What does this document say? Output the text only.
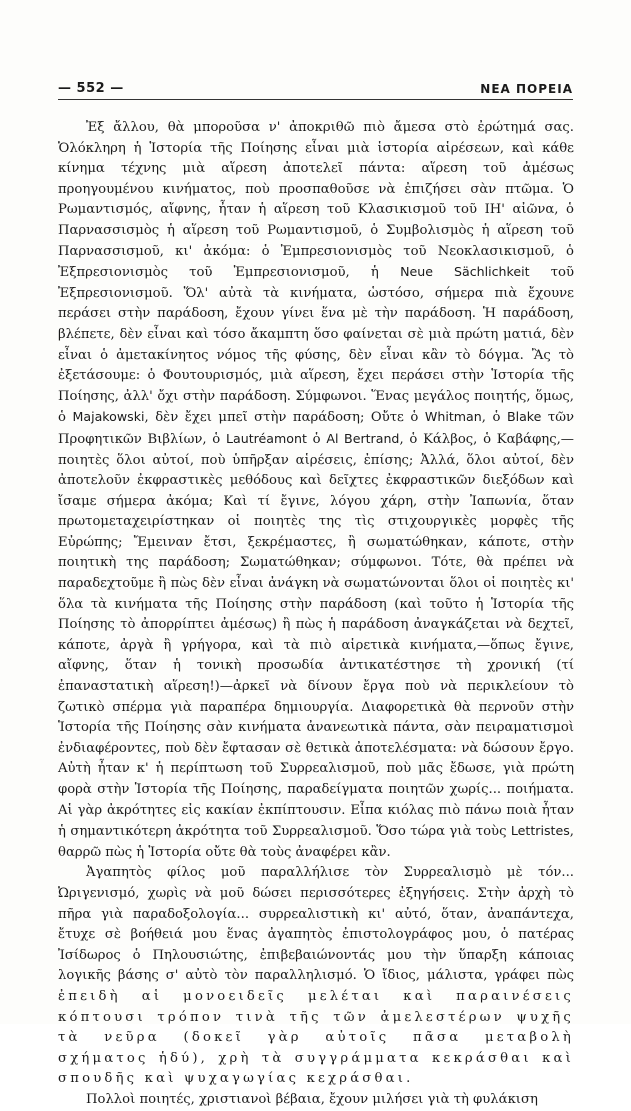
— 552 —	ΝΕΑ ΠΟΡΕΙΑ

Ἐξ ἄλλου, θὰ μποροῦσα ν' ἀποκριθῶ πιὸ ἄμεσα στὸ ἐρώτημά σας. Ὁλόκληρη ἡ Ἱστορία τῆς Ποίησης εἶναι μιὰ ἱστορία αἱρέσεων, καὶ κάθε κίνημα τέχνης μιὰ αἵρεση ἀποτελεῖ πάντα: αἵρεση τοῦ ἀμέσως προηγουμένου κινήματος, ποὺ προσπαθοῦσε νὰ ἐπιζήσει σὰν πτῶμα. Ὁ Ρωμαντισμός, αἴφνης, ἦταν ἡ αἵρεση τοῦ Κλασικισμοῦ τοῦ ΙΗ' αἰῶνα, ὁ Παρνασσισμὸς ἡ αἵρεση τοῦ Ρωμαντισμοῦ, ὁ Συμβολισμὸς ἡ αἵρεση τοῦ Παρνασσισμοῦ, κι' ἀκόμα: ὁ Ἐμπρεσιονισμὸς τοῦ Νεοκλασικισμοῦ, ὁ Ἐξπρεσιονισμὸς τοῦ Ἐμπρεσιονισμοῦ, ἡ Neue Sächlichkeit τοῦ Ἐξπρεσιονισμοῦ. Ὅλ' αὐτὰ τὰ κινήματα, ὡστόσο, σήμερα πιὰ ἔχουνε περάσει στὴν παράδοση, ἔχουν γίνει ἕνα μὲ τὴν παράδοση. Ἡ παράδοση, βλέπετε, δὲν εἶναι καὶ τόσο ἄκαμπτη ὅσο φαίνεται σὲ μιὰ πρώτη ματιά, δὲν εἶναι ὁ ἀμετακίνητος νόμος τῆς φύσης, δὲν εἶναι κἂν τὸ δόγμα. Ἂς τὸ ἐξετάσουμε: ὁ Φουτουρισμός, μιὰ αἵρεση, ἔχει περάσει στὴν Ἱστορία τῆς Ποίησης, ἀλλ' ὄχι στὴν παράδοση. Σύμφωνοι. Ἕνας μεγάλος ποιητής, ὅμως, ὁ Majakowski, δὲν ἔχει μπεῖ στὴν παράδοση; Οὔτε ὁ Whitman, ὁ Blake τῶν Προφητικῶν Βιβλίων, ὁ Lautréamont ὁ Al Bertrand, ὁ Κάλβος, ὁ Καβάφης,—ποιητὲς ὅλοι αὐτοί, ποὺ ὑπῆρξαν αἱρέσεις, ἐπίσης; Ἀλλά, ὅλοι αὐτοί, δὲν ἀποτελοῦν ἐκφραστικὲς μεθόδους καὶ δεῖχτες ἐκφραστικῶν διεξόδων καὶ ἴσαμε σήμερα ἀκόμα; Καὶ τί ἔγινε, λόγου χάρη, στὴν Ἰαπωνία, ὅταν πρωτομεταχειρίστηκαν οἱ ποιητὲς της τὶς στιχουργικὲς μορφὲς τῆς Εὐρώπης; Ἔμειναν ἔτσι, ξεκρέμαστες, ἢ σωματώθηκαν, κάποτε, στὴν ποιητικὴ της παράδοση; Σωματώθηκαν; σύμφωνοι. Τότε, θὰ πρέπει νὰ παραδεχτοῦμε ἢ πὼς δὲν εἶναι ἀνάγκη νὰ σωματώνονται ὅλοι οἱ ποιητὲς κι' ὅλα τὰ κινήματα τῆς Ποίησης στὴν παράδοση (καὶ τοῦτο ἡ Ἱστορία τῆς Ποίησης τὸ ἀπορρίπτει ἀμέσως) ἢ πὼς ἡ παράδοση ἀναγκάζεται νὰ δεχτεῖ, κάποτε, ἀργὰ ἢ γρήγορα, καὶ τὰ πιὸ αἱρετικὰ κινήματα,—ὅπως ἔγινε, αἴφνης, ὅταν ἡ τονικὴ προσωδία ἀντικατέστησε τὴ χρονική (τί ἐπαναστατικὴ αἵρεση!)—ἀρκεῖ νὰ δίνουν ἔργα ποὺ νὰ περικλείουν τὸ ζωτικὸ σπέρμα γιὰ παραπέρα δημιουργία. Διαφορετικὰ θὰ περνοῦν στὴν Ἱστορία τῆς Ποίησης σὰν κινήματα ἀνανεωτικὰ πάντα, σὰν πειραματισμοὶ ἐνδιαφέροντες, ποὺ δὲν ἔφτασαν σὲ θετικὰ ἀποτελέσματα: νὰ δώσουν ἔργο. Αὐτὴ ἦταν κ' ἡ περίπτωση τοῦ Συρρεαλισμοῦ, ποὺ μᾶς ἔδωσε, γιὰ πρώτη φορὰ στὴν Ἱστορία τῆς Ποίησης, παραδείγματα ποιητῶν χωρίς... ποιήματα. Αἱ γὰρ ἀκρότητες εἰς κακίαν ἐκπίπτουσιν. Εἶπα κιόλας πιὸ πάνω ποιὰ ἦταν ἡ σημαντικότερη ἀκρότητα τοῦ Συρρεαλισμοῦ. Ὅσο τώρα γιὰ τοὺς Lettristes, θαρρῶ πὼς ἡ Ἱστορία οὔτε θὰ τοὺς ἀναφέρει κἂν.

Ἀγαπητὸς φίλος μοῦ παραλλήλισε τὸν Συρρεαλισμὸ μὲ τόν... Ὠριγενισμό, χωρὶς νὰ μοῦ δώσει περισσότερες ἐξηγήσεις. Στὴν ἀρχὴ τὸ πῆρα γιὰ παραδοξολογία... συρρεαλιστικὴ κι' αὐτό, ὅταν, ἀναπάντεχα, ἔτυχε σὲ βοήθειά μου ἕνας ἀγαπητὸς ἐπιστολογράφος μου, ὁ πατέρας Ἰσίδωρος ὁ Πηλουσιώτης, ἐπιβεβαιώνοντάς μου τὴν ὕπαρξη κάποιας λογικῆς βάσης σ' αὐτὸ τὸν παραλληλισμό. Ὁ ἴδιος, μάλιστα, γράφει πὼς ἐπειδὴ αἱ μονοειδεῖς μελέται καὶ παραινέσεις κόπτουσι τρόπον τινὰ τῆς τῶν ἀμελεστέρων ψυχῆς τὰ νεῦρα (δοκεῖ γὰρ αὐτοῖς πᾶσα μεταβολὴ σχήματος ἡδύ), χρὴ τὰ συγγράμματα κεκράσθαι καὶ σπουδῆς καὶ ψυχαγωγίας κεχράσθαι.

Πολλοὶ ποιητές, χριστιανοὶ βέβαια, ἔχουν μιλήσει γιὰ τὴ φυλάκιση
